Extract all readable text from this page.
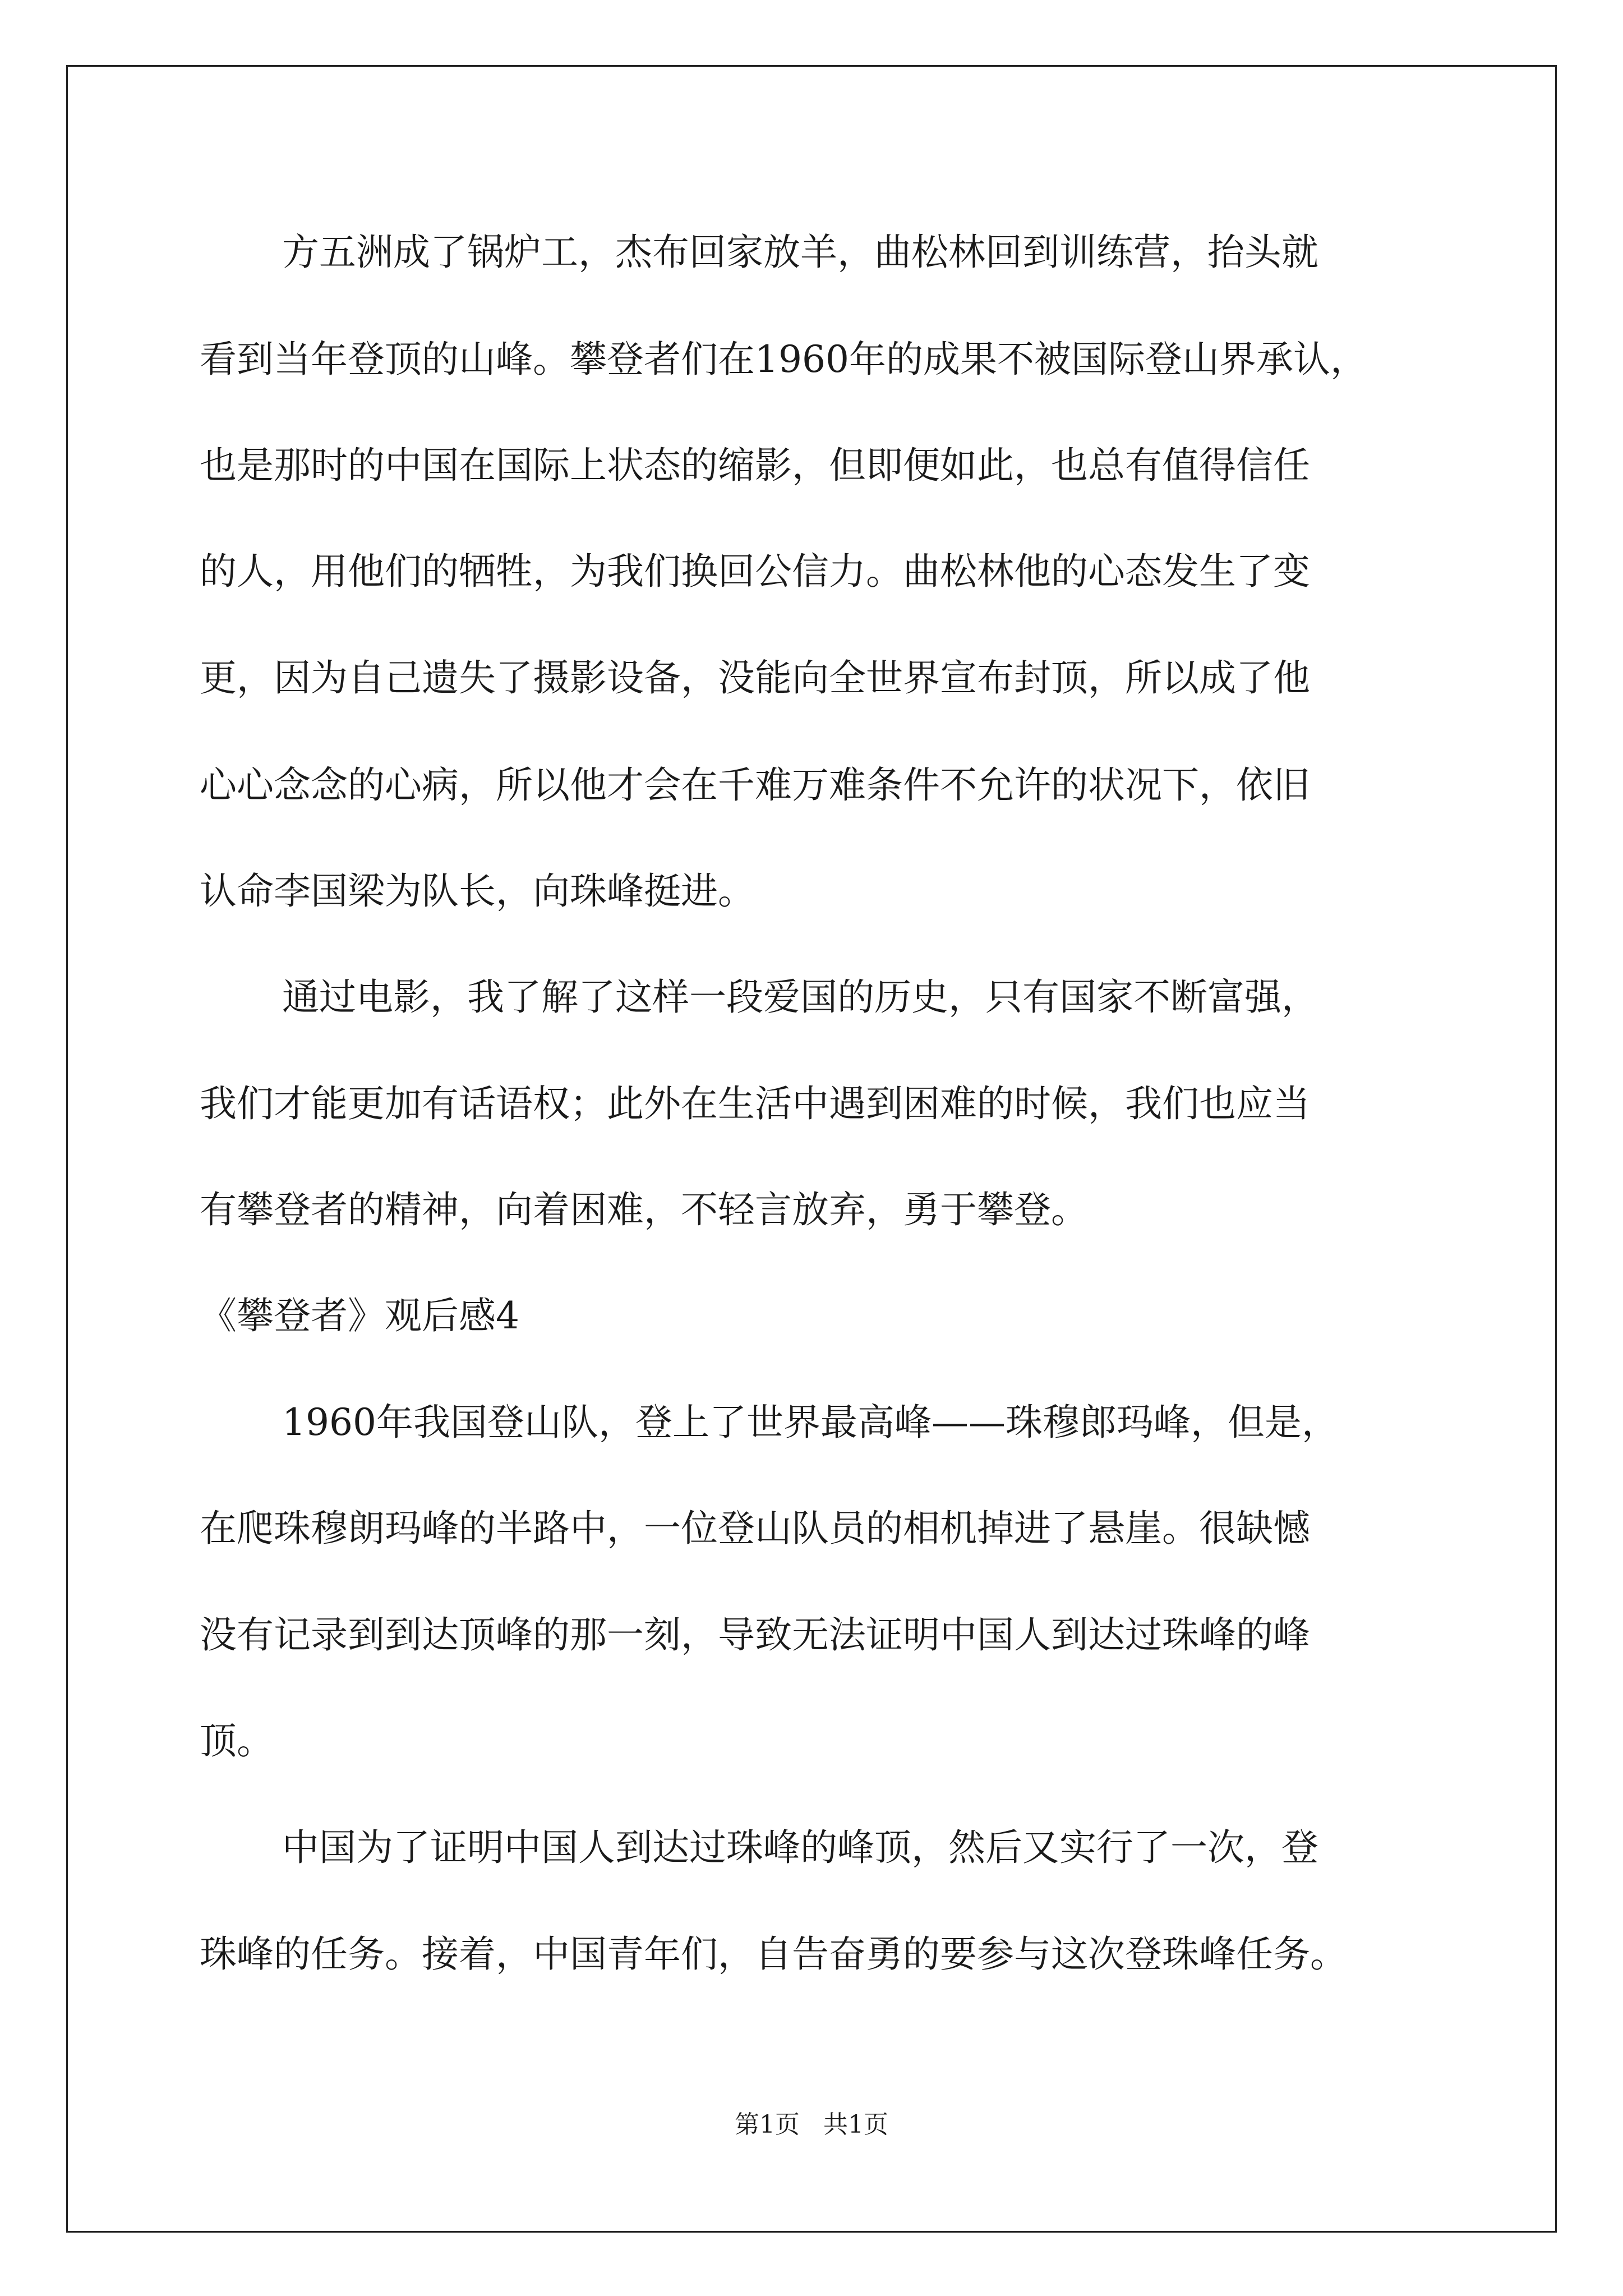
方五洲成了锅炉工，杰布回家放羊，曲松林回到训练营，抬头就
看到当年登顶的山峰。攀登者们在1960年的成果不被国际登山界承认，
也是那时的中国在国际上状态的缩影，但即便如此，也总有值得信任
的人，用他们的牺牲，为我们换回公信力。曲松林他的心态发生了变
更，因为自己遗失了摄影设备，没能向全世界宣布封顶，所以成了他
心心念念的心病，所以他才会在千难万难条件不允许的状况下，依旧
认命李国梁为队长，向珠峰挺进。
通过电影，我了解了这样一段爱国的历史，只有国家不断富强，
我们才能更加有话语权；此外在生活中遇到困难的时候，我们也应当
有攀登者的精神，向着困难，不轻言放弃，勇于攀登。
《攀登者》观后感4
1960年我国登山队，登上了世界最高峰——珠穆郎玛峰，但是，
在爬珠穆朗玛峰的半路中，一位登山队员的相机掉进了悬崖。很缺憾
没有记录到到达顶峰的那一刻，导致无法证明中国人到达过珠峰的峰
顶。
中国为了证明中国人到达过珠峰的峰顶，然后又实行了一次，登
珠峰的任务。接着，中国青年们，自告奋勇的要参与这次登珠峰任务。
第1页   共1页
